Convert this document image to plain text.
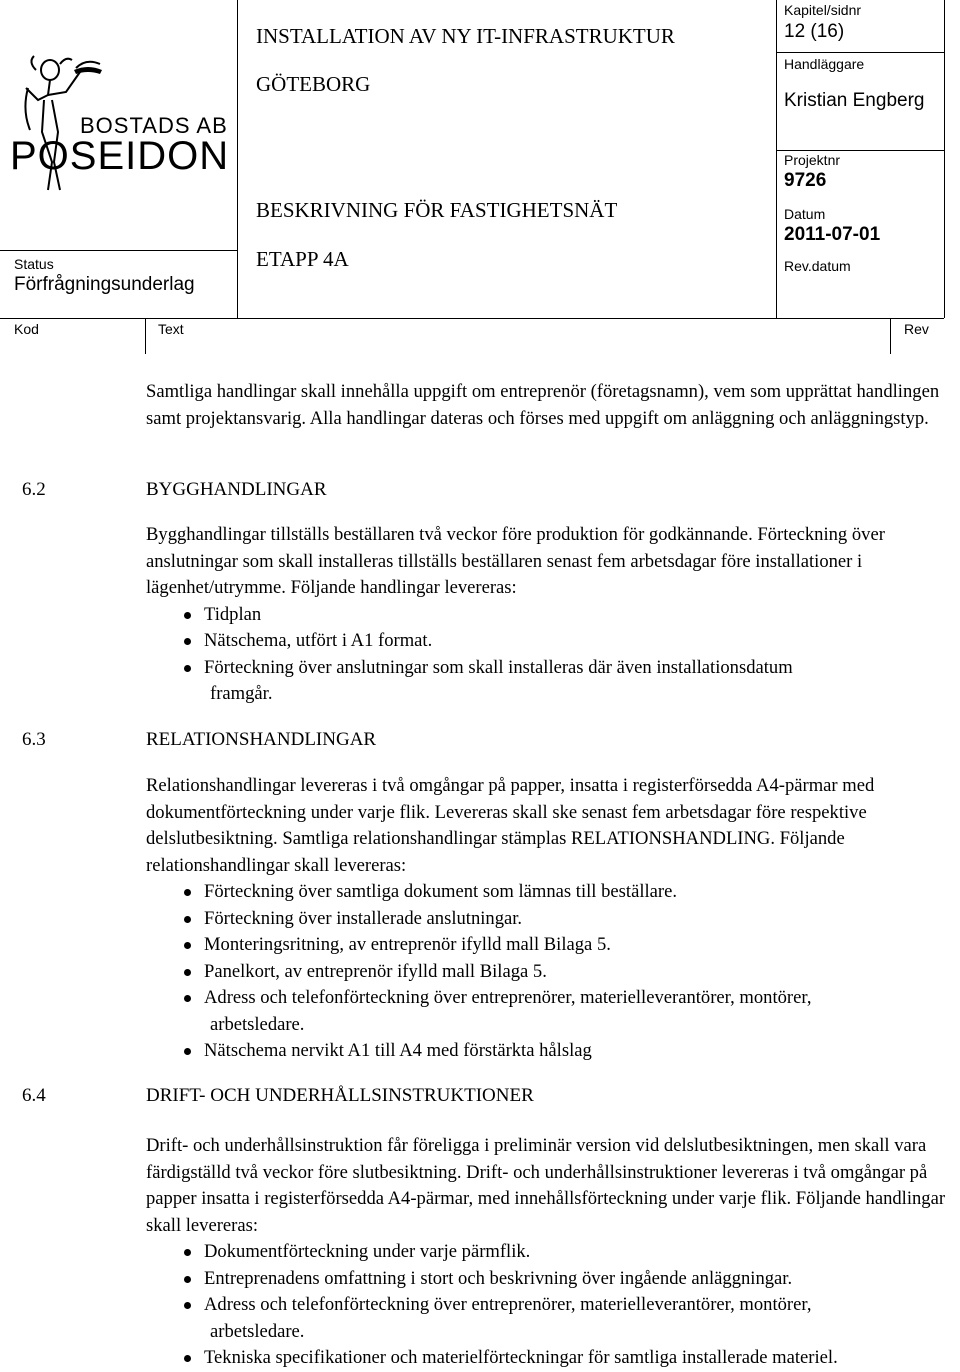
BOSTADS AB
POSEIDON
INSTALLATION AV NY IT-INFRASTRUKTUR
GÖTEBORG
BESKRIVNING FÖR FASTIGHETSNÄT
ETAPP 4A
Status
Förfrågningsunderlag
Kapitel/sidnr
12 (16)
Handläggare
Kristian Engberg
Projektnr
9726
Datum
2011-07-01
Rev.datum
Kod	Text	Rev

Samtliga handlingar skall innehålla uppgift om entreprenör (företagsnamn), vem som upprättat handlingen samt projektansvarig. Alla handlingar dateras och förses med uppgift om anläggning och anläggningstyp.

6.2	BYGGHANDLINGAR

Bygghandlingar tillställs beställaren två veckor före produktion för godkännande. Förteckning över anslutningar som skall installeras tillställs beställaren senast fem arbetsdagar före installationer i lägenhet/utrymme. Följande handlingar levereras:

Tidplan
Nätschema, utfört i A1 format.
Förteckning över anslutningar som skall installeras där även installationsdatum
framgår.
6.3	RELATIONSHANDLINGAR

Relationshandlingar levereras i två omgångar på papper, insatta i registerförsedda A4-pärmar med dokumentförteckning under varje flik. Levereras skall ske senast fem arbetsdagar före respektive delslutbesiktning. Samtliga relationshandlingar stämplas RELATIONSHANDLING. Följande relationshandlingar skall levereras:

Förteckning över samtliga dokument som lämnas till beställare.
Förteckning över installerade anslutningar.
Monteringsritning, av entreprenör ifylld mall Bilaga 5.
Panelkort, av entreprenör ifylld mall Bilaga 5.
Adress och telefonförteckning över entreprenörer, materielleverantörer, montörer,
arbetsledare.
Nätschema nervikt A1 till A4 med förstärkta hålslag
6.4	DRIFT- OCH UNDERHÅLLSINSTRUKTIONER

Drift- och underhållsinstruktion får föreligga i preliminär version vid delslutbesiktningen, men skall vara färdigställd två veckor före slutbesiktning. Drift- och underhållsinstruktioner levereras i två omgångar på papper insatta i registerförsedda A4-pärmar, med innehållsförteckning under varje flik. Följande handlingar skall levereras:

Dokumentförteckning under varje pärmflik.
Entreprenadens omfattning i stort och beskrivning över ingående anläggningar.
Adress och telefonförteckning över entreprenörer, materielleverantörer, montörer,
arbetsledare.
Tekniska specifikationer och materielförteckningar för samtliga installerade materiel.
